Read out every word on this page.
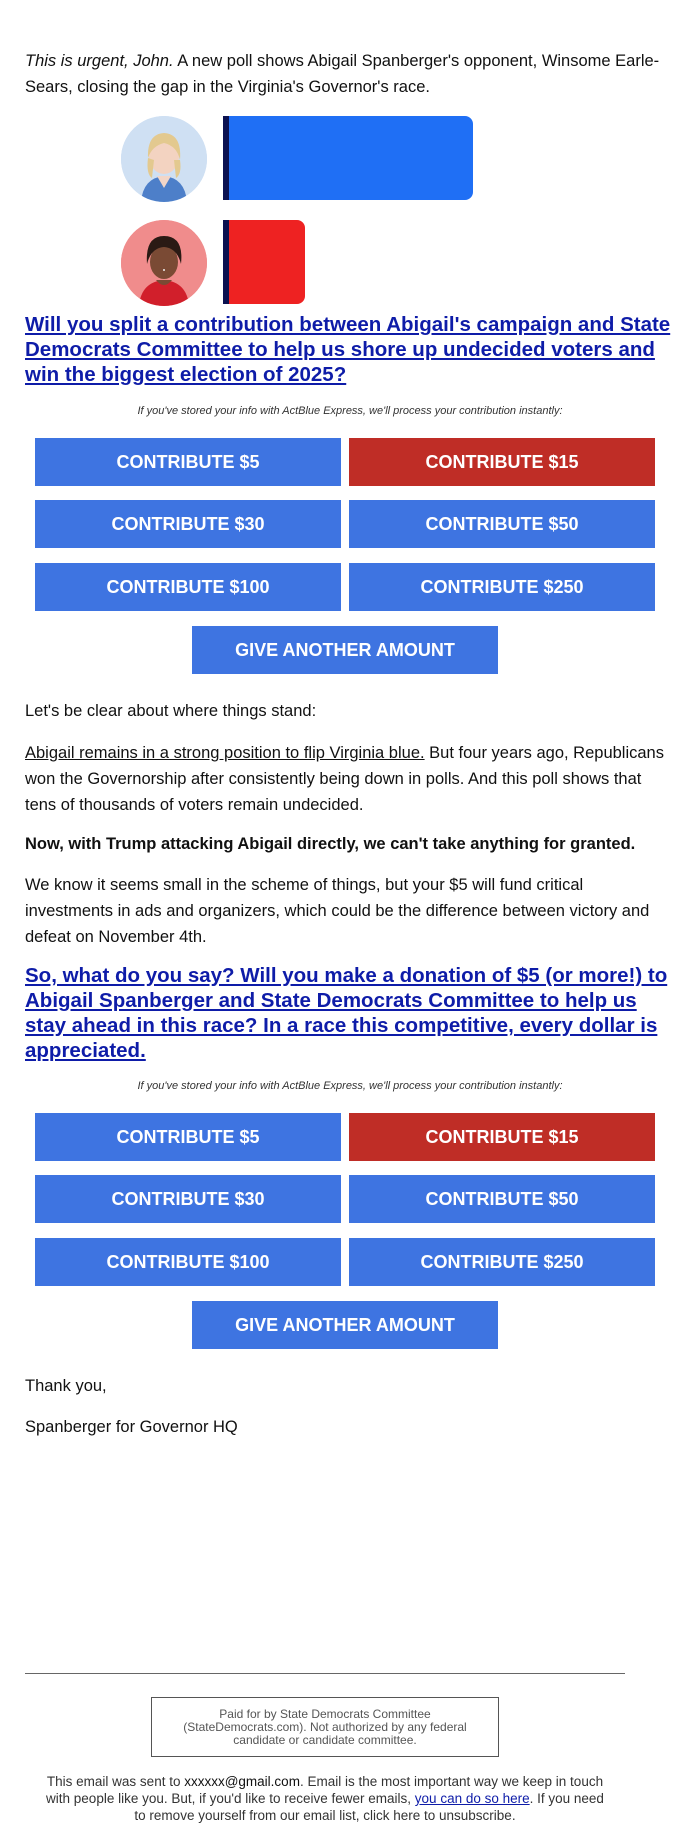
This is urgent, John. A new poll shows Abigail Spanberger's opponent, Winsome Earle-Sears, closing the gap in the Virginia's Governor's race.
Will you split a contribution between Abigail's campaign and State Democrats Committee to help us shore up undecided voters and win the biggest election of 2025?
If you've stored your info with ActBlue Express, we'll process your contribution instantly:
CONTRIBUTE $5	CONTRIBUTE $15
CONTRIBUTE $30	CONTRIBUTE $50
CONTRIBUTE $100	CONTRIBUTE $250
GIVE ANOTHER AMOUNT
Let's be clear about where things stand:
Abigail remains in a strong position to flip Virginia blue. But four years ago, Republicans won the Governorship after consistently being down in polls. And this poll shows that tens of thousands of voters remain undecided.
Now, with Trump attacking Abigail directly, we can't take anything for granted.
We know it seems small in the scheme of things, but your $5 will fund critical investments in ads and organizers, which could be the difference between victory and defeat on November 4th.
So, what do you say? Will you make a donation of $5 (or more!) to Abigail Spanberger and State Democrats Committee to help us stay ahead in this race? In a race this competitive, every dollar is appreciated.
If you've stored your info with ActBlue Express, we'll process your contribution instantly:
CONTRIBUTE $5	CONTRIBUTE $15
CONTRIBUTE $30	CONTRIBUTE $50
CONTRIBUTE $100	CONTRIBUTE $250
GIVE ANOTHER AMOUNT
Thank you,
Spanberger for Governor HQ
Paid for by State Democrats Committee (StateDemocrats.com). Not authorized by any federal candidate or candidate committee.
This email was sent to xxxxxx@gmail.com. Email is the most important way we keep in touch with people like you. But, if you'd like to receive fewer emails, you can do so here. If you need to remove yourself from our email list, click here to unsubscribe.
